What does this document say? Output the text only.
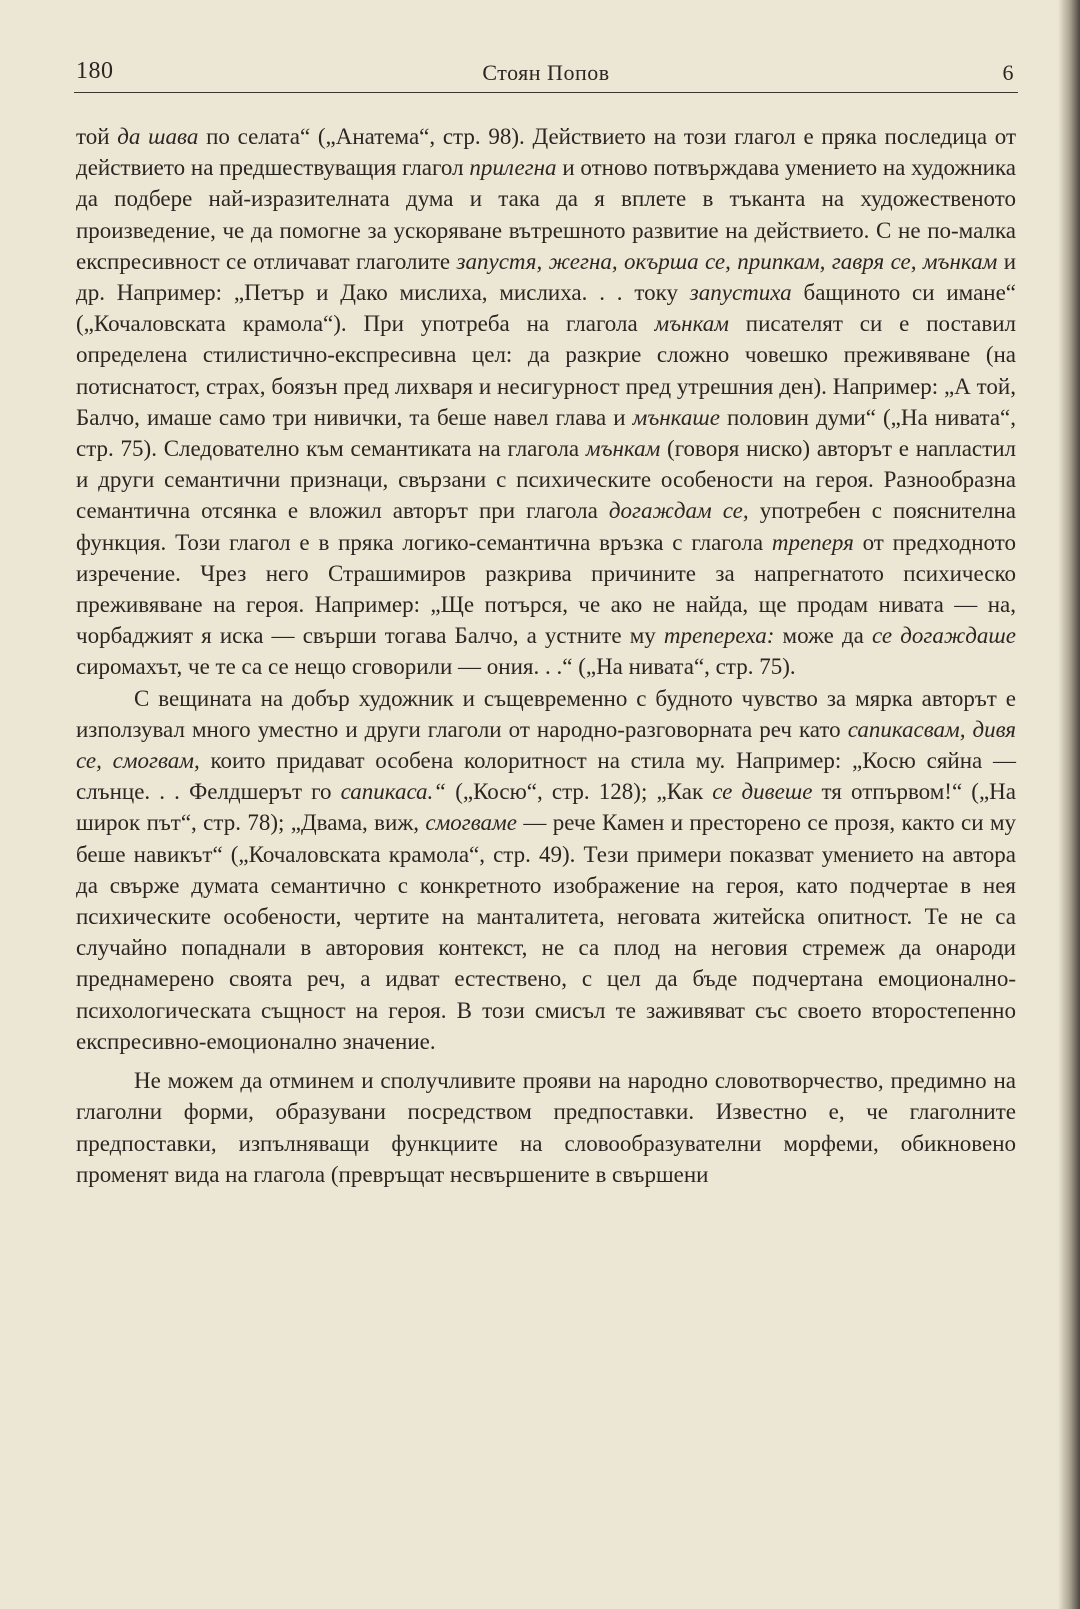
180	Стоян Попов	6

той да шава по селата“ („Анатема“, стр. 98). Действието на този глагол е пряка последица от действието на предшествуващия глагол прилегна и отново потвърждава умението на художника да подбере най-изразителната дума и така да я вплете в тъканта на художественото произведение, че да помогне за ускоряване вътрешното развитие на действието. С не по-малка експресивност се отличават глаголите запустя, жегна, окърша се, припкам, гавря се, мънкам и др. Например: „Петър и Дако мислиха, мислиха. . . току запустиха бащиното си имане“ („Кочаловската крамола“). При употреба на глагола мънкам писателят си е поставил определена стилистично-експресивна цел: да разкрие сложно човешко преживяване (на потиснатост, страх, боязън пред лихваря и несигурност пред утрешния ден). Например: „А той, Балчо, имаше само три нивички, та беше навел глава и мънкаше половин думи“ („На нивата“, стр. 75). Следователно към семантиката на глагола мънкам (говоря ниско) авторът е напластил и други семантични признаци, свързани с психическите особености на героя. Разнообразна семантична отсянка е вложил авторът при глагола догаждам се, употребен с пояснителна функция. Този глагол е в пряка логико-семантична връзка с глагола треперя от предходното изречение. Чрез него Страшимиров разкрива причините за напрегнатото психическо преживяване на героя. Например: „Ще потърся, че ако не найда, ще продам нивата — на, чорбаджият я иска — свърши тогава Балчо, а устните му трепереха: може да се догаждаше сиромахът, че те са се нещо сговорили — ония. . .“ („На нивата“, стр. 75).

С вещината на добър художник и същевременно с будното чувство за мярка авторът е използувал много уместно и други глаголи от народно-разговорната реч като сапикасвам, дивя се, смогвам, които придават особена колоритност на стила му. Например: „Косю сяйна — слънце. . . Фелдшерът го сапикаса.“ („Косю“, стр. 128); „Как се дивеше тя отпървом!“ („На широк път“, стр. 78); „Двама, виж, смогваме — рече Камен и престорено се прозя, както си му беше навикът“ („Кочаловската крамола“, стр. 49). Тези примери показват умението на автора да свърже думата семантично с конкретното изображение на героя, като подчертае в нея психическите особености, чертите на манталитета, неговата житейска опитност. Те не са случайно попаднали в авторовия контекст, не са плод на неговия стремеж да онароди преднамерено своята реч, а идват естествено, с цел да бъде подчертана емоционално-психологическата същност на героя. В този смисъл те заживяват със своето второстепенно експресивно-емоционално значение.

Не можем да отминем и сполучливите прояви на народно словотворчество, предимно на глаголни форми, образувани посредством предпоставки. Известно е, че глаголните предпоставки, изпълняващи функциите на словообразувателни морфеми, обикновено променят вида на глагола (превръщат несвършените в свършени
